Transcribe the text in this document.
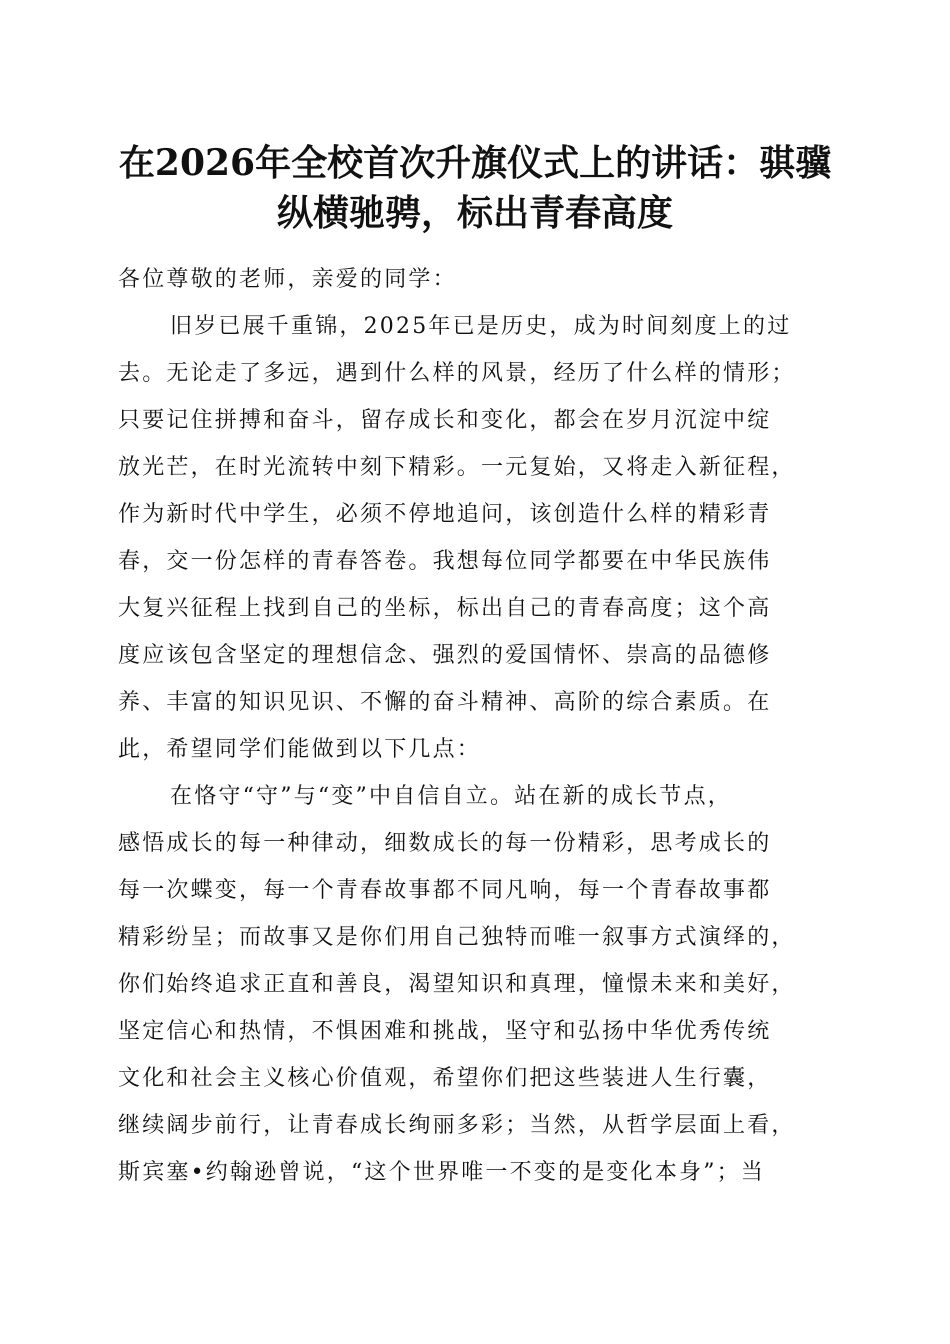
在2026年全校首次升旗仪式上的讲话：骐骥
纵横驰骋，标出青春高度
各位尊敬的老师，亲爱的同学：
旧岁已展千重锦，2025年已是历史，成为时间刻度上的过
去。无论走了多远，遇到什么样的风景，经历了什么样的情形；
只要记住拼搏和奋斗，留存成长和变化，都会在岁月沉淀中绽
放光芒，在时光流转中刻下精彩。一元复始，又将走入新征程，
作为新时代中学生，必须不停地追问，该创造什么样的精彩青
春，交一份怎样的青春答卷。我想每位同学都要在中华民族伟
大复兴征程上找到自己的坐标，标出自己的青春高度；这个高
度应该包含坚定的理想信念、强烈的爱国情怀、崇高的品德修
养、丰富的知识见识、不懈的奋斗精神、高阶的综合素质。在
此，希望同学们能做到以下几点：
在恪守“守”与“变”中自信自立。站在新的成长节点，
感悟成长的每一种律动，细数成长的每一份精彩，思考成长的
每一次蝶变，每一个青春故事都不同凡响，每一个青春故事都
精彩纷呈；而故事又是你们用自己独特而唯一叙事方式演绎的，
你们始终追求正直和善良，渴望知识和真理，憧憬未来和美好，
坚定信心和热情，不惧困难和挑战，坚守和弘扬中华优秀传统
文化和社会主义核心价值观，希望你们把这些装进人生行囊，
继续阔步前行，让青春成长绚丽多彩；当然，从哲学层面上看，
斯宾塞•约翰逊曾说，“这个世界唯一不变的是变化本身”；当
